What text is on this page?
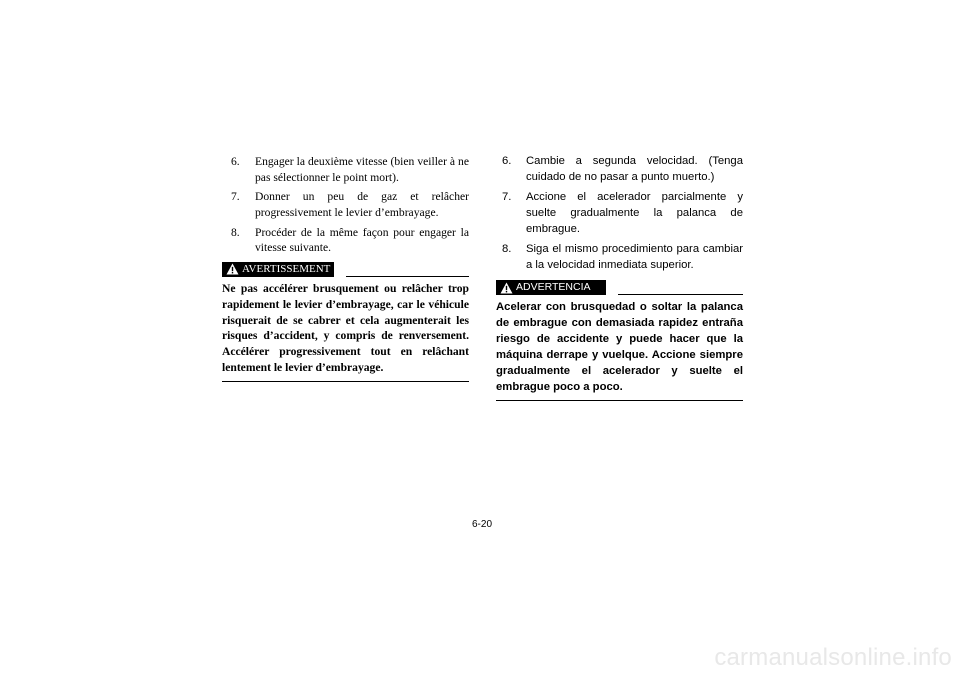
6.	Engager la deuxième vitesse (bien veiller à ne pas sélectionner le point mort).
7.	Donner un peu de gaz et relâcher progressivement le levier d’embrayage.
8.	Procéder de la même façon pour engager la vitesse suivante.
AVERTISSEMENT
Ne pas accélérer brusquement ou relâcher trop rapidement le levier d’embrayage, car le véhicule risquerait de se cabrer et cela augmenterait les risques d’accident, y compris de renversement. Accélérer progressivement tout en relâchant lentement le levier d’embrayage.
6.	Cambie a segunda velocidad. (Tenga cuidado de no pasar a punto muerto.)
7.	Accione el acelerador parcialmente y suelte gradualmente la palanca de embrague.
8.	Siga el mismo procedimiento para cambiar a la velocidad inmediata superior.
ADVERTENCIA
Acelerar con brusquedad o soltar la palanca de embrague con demasiada rapidez entraña riesgo de accidente y puede hacer que la máquina derrape y vuelque. Accione siempre gradualmente el acelerador y suelte el embrague poco a poco.
6-20
carmanualsonline.info
